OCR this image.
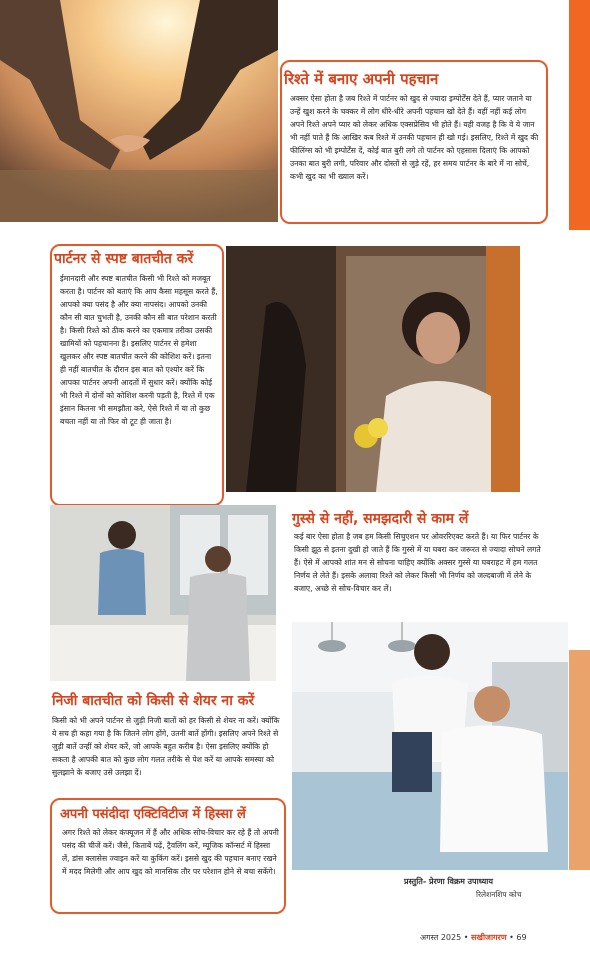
रिश्ते में बनाए अपनी पहचान
अक्सर ऐसा होता है जब रिश्ते में पार्टनर को खुद से ज्यादा इम्पोर्टेंस देते हैं, प्यार जताने या उन्हें खुश करने के चक्कर में लोग धीरे-धीरे अपनी पहचान खो देते हैं। वहीं नहीं कई लोग अपने रिश्ते अपने प्यार को लेकर अधिक एक्सप्रेसिव भी होते हैं। यही वजह है कि वे ये जान भी नहीं पाते हैं कि आखिर कब रिश्ते में उनकी पहचान ही खो गई। इसलिए, रिश्ते में खुद की फीलिंग्स को भी इम्पोर्टेंस दें, कोई बात बुरी लगे तो पार्टनर को एहसास दिलाएं कि आपको उनका बात बुरी लगी, परिवार और दोस्तों से जुड़े रहें, हर समय पार्टनर के बारे में ना सोचें, कभी खुद का भी ख्याल करें।
पार्टनर से स्पष्ट बातचीत करें
ईमानदारी और स्पष्ट बातचीत किसी भी रिश्ते को मजबूत करता है। पार्टनर को बताएं कि आप कैसा महसूस करते हैं, आपको क्या पसंद है और क्या नापसंद। आपको उनकी कौन सी बात चुभती है, उनकी कौन सी बात परेशान करती है। किसी रिश्ते को ठीक करने का एकमात्र तरीका उसकी खामियों को पहचानना है। इसलिए पार्टनर से हमेशा खुलकर और स्पष्ट बातचीत करने की कोशिश करें। इतना ही नहीं बातचीत के दौरान इस बात को एश्योर करें कि आपका पार्टनर अपनी आदतों में सुधार करें। क्योंकि कोई भी रिश्ते में दोनों को कोशिश करनी पड़ती है, रिश्ते में एक इंसान कितना भी समझौता करे, ऐसे रिश्ते में या तो कुछ बचता नहीं या तो फिर वो टूट ही जाता है।
गुस्से से नहीं, समझदारी से काम लें
कई बार ऐसा होता है जब हम किसी सिचुएशन पर ओवररिएक्ट करते हैं। या फिर पार्टनर के किसी झूठ से इतना दुखी हो जाते हैं कि गुस्से में या घबरा कर जरूरत से ज्यादा सोचने लगते हैं। ऐसे में आपको शांत मन से सोचना चाहिए क्योंकि अक्सर गुस्से या घबराहट में हम गलत निर्णय ले लेते हैं। इसके अलावा रिश्ते को लेकर किसी भी निर्णय को जल्दबाजी में लेने के बजाए, अच्छे से सोच-विचार कर लें।
निजी बातचीत को किसी से शेयर ना करें
किसी को भी अपने पार्टनर से जुड़ी निजी बातों को हर किसी से शेयर ना करें। क्योंकि ये सच ही कहा गया है कि जितने लोग होंगे, उतनी बातें होंगी। इसलिए अपने रिश्ते से जुड़ी बातें उन्हीं को शेयर करें, जो आपके बहुत करीब है। ऐसा इसलिए क्योंकि हो सकता है आपकी बात को कुछ लोग गलत तरीके से पेश करें या आपके समस्या को सुलझाने के बजाए उसे उलझा दें।
अपनी पसंदीदा एक्टिविटीज में हिस्सा लें
अगर रिश्ते को लेकर कंफ्यूजन में हैं और अधिक सोच-विचार कर रहे हैं तो अपनी पसंद की चीजें करें। जैसे, किताबें पढ़ें, ट्रैवलिंग करें, म्यूजिक कॉन्सर्ट में हिस्सा लें, डांस क्लासेस ज्वाइन करें या कुकिंग करें। इससे खुद की पहचान बनाए रखने में मदद मिलेगी और आप खुद को मानसिक तौर पर परेशान होने से बचा सकेंगे।
प्रस्तुति- प्रेरणा विक्रम उपाध्याय
रिलेशनशिप कोच
अगस्त 2025 • सखीजागरण • 69
